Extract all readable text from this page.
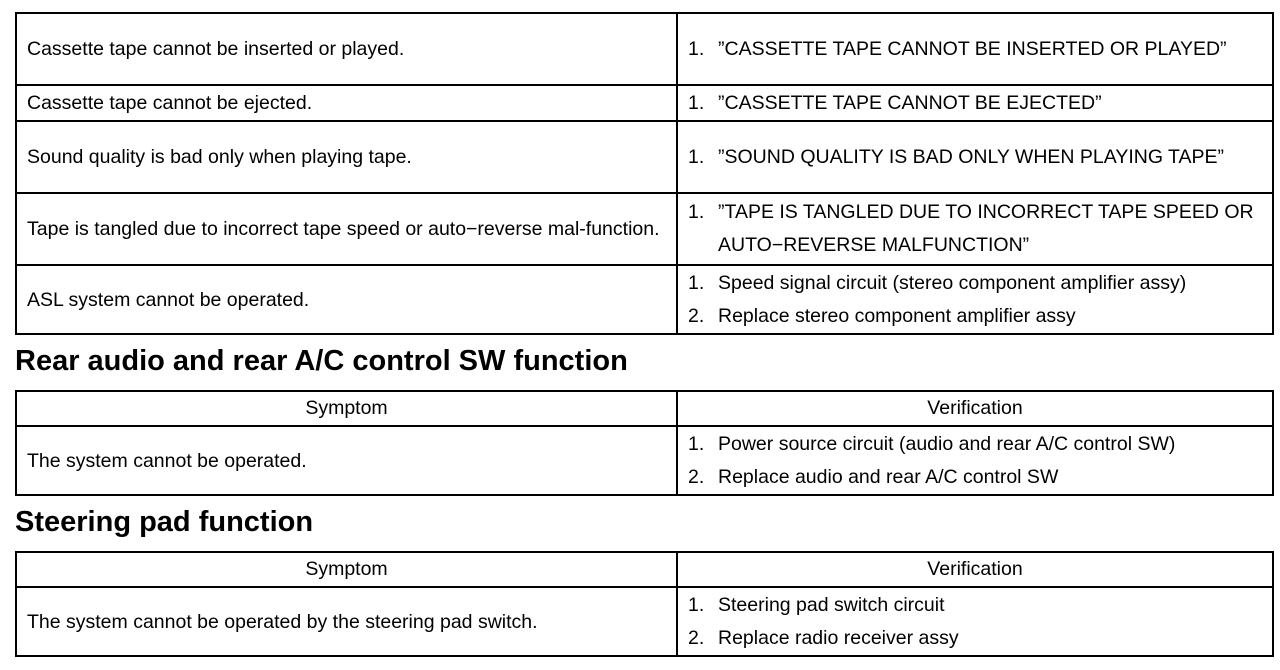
Cassette tape cannot be inserted or played.	1. ”CASSETTE TAPE CANNOT BE INSERTED OR PLAYED”

Cassette tape cannot be ejected.	1. ”CASSETTE TAPE CANNOT BE EJECTED”

Sound quality is bad only when playing tape.	1. ”SOUND QUALITY IS BAD ONLY WHEN PLAYING TAPE”

Tape is tangled due to incorrect tape speed or auto−reverse mal-function.	1. ”TAPE IS TANGLED DUE TO INCORRECT TAPE SPEED OR AUTO−REVERSE MALFUNCTION”

ASL system cannot be operated.	1. Speed signal circuit (stereo component amplifier assy)
2. Replace stereo component amplifier assy
Rear audio and rear A/C control SW function
Symptom	Verification
The system cannot be operated.	1. Power source circuit (audio and rear A/C control SW)
2. Replace audio and rear A/C control SW
Steering pad function
Symptom	Verification
The system cannot be operated by the steering pad switch.	1. Steering pad switch circuit
2. Replace radio receiver assy
